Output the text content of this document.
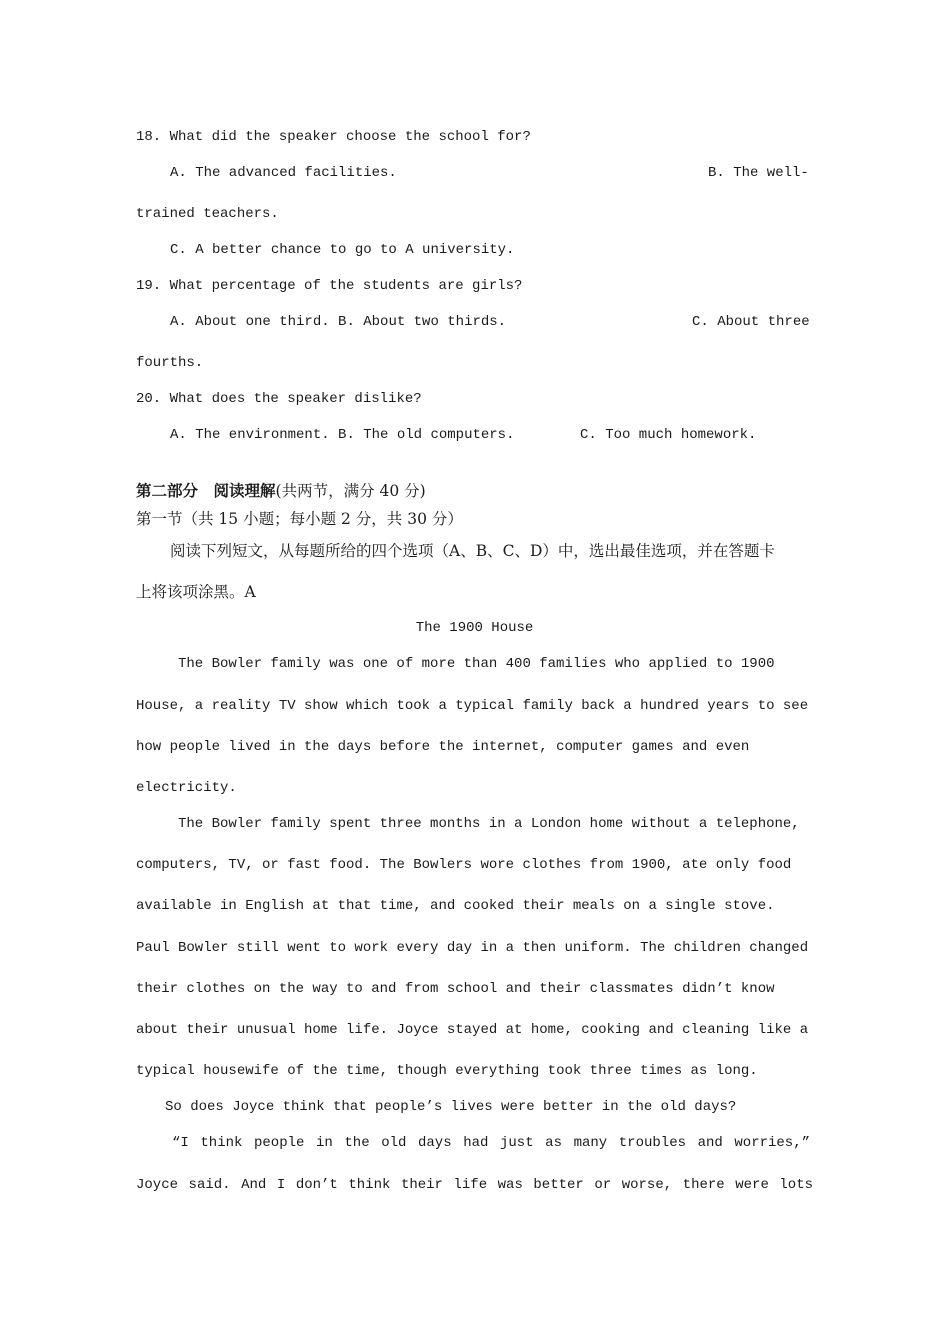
18. What did the speaker choose the school for?
A. The advanced facilities.	B. The well-
trained teachers.
C. A better chance to go to A university.
19. What percentage of the students are girls?
A. About one third. B. About two thirds.	C. About three
fourths.
20. What does the speaker dislike?
A. The environment. B. The old computers.	C. Too much homework.
第二部分　阅读理解(共两节，满分 40 分)
第一节（共 15 小题；每小题 2 分，共 30 分）
阅读下列短文，从每题所给的四个选项（A、B、C、D）中，选出最佳选项，并在答题卡
上将该项涂黑。A
The 1900 House
The Bowler family was one of more than 400 families who applied to 1900
House, a reality TV show which took a typical family back a hundred years to see
how people lived in the days before the internet, computer games and even
electricity.
The Bowler family spent three months in a London home without a telephone,
computers, TV, or fast food. The Bowlers wore clothes from 1900, ate only food
available in English at that time, and cooked their meals on a single stove.
Paul Bowler still went to work every day in a then uniform. The children changed
their clothes on the way to and from school and their classmates didn’t know
about their unusual home life. Joyce stayed at home, cooking and cleaning like a
typical housewife of the time, though everything took three times as long.
So does Joyce think that people’s lives were better in the old days?
“I think people in the old days had just as many troubles and worries,”
Joyce said. And I don’t think their life was better or worse, there were lots
